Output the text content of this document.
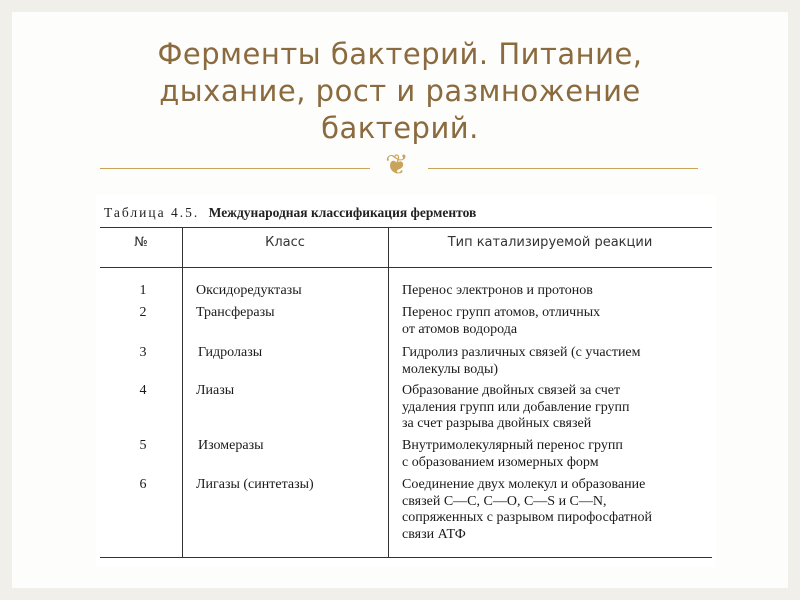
Ферменты бактерий. Питание,
дыхание, рост и размножение
бактерий.
❦
Таблица 4.5. Международная классификация ферментов
№	Класс	Тип катализируемой реакции
1	Оксидоредуктазы	Перенос электронов и протонов
2	Трансферазы	Перенос групп атомов, отличных
от атомов водорода
3	Гидролазы	Гидролиз различных связей (с участием
молекулы воды)
4	Лиазы	Образование двойных связей за счет
удаления групп или добавление групп
за счет разрыва двойных связей
5	Изомеразы	Внутримолекулярный перенос групп
с образованием изомерных форм
6	Лигазы (синтетазы)	Соединение двух молекул и образование
связей С—С, С—О, С—S и С—N,
сопряженных с разрывом пирофосфатной
связи АТФ
